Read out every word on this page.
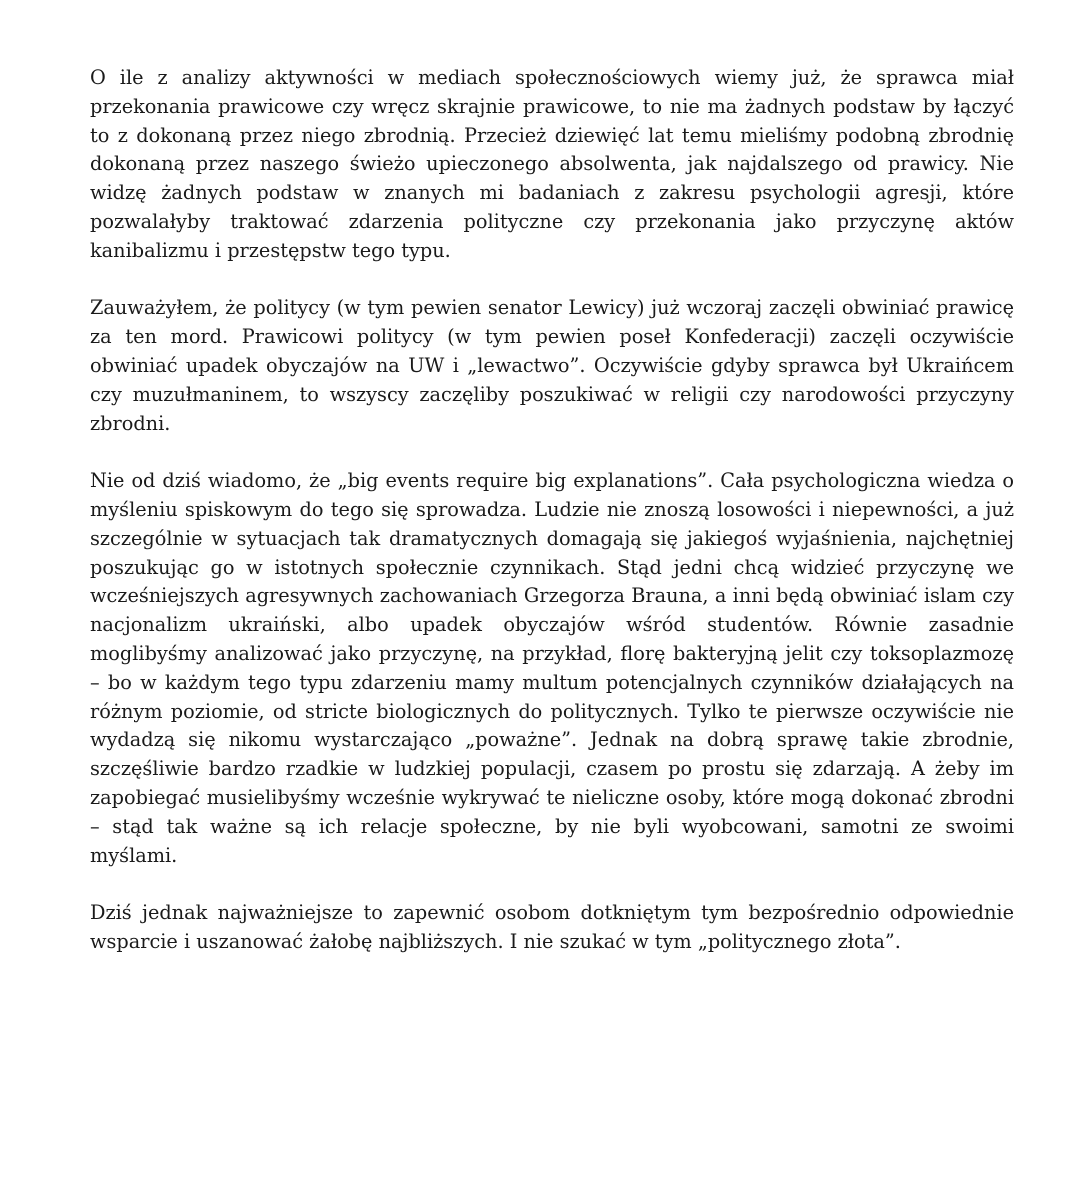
O ile z analizy aktywności w mediach społecznościowych wiemy już, że sprawca miał przekonania prawicowe czy wręcz skrajnie prawicowe, to nie ma żadnych podstaw by łączyć to z dokonaną przez niego zbrodnią. Przecież dziewięć lat temu mieliśmy podobną zbrodnię dokonaną przez naszego świeżo upieczonego absolwenta, jak najdalszego od prawicy. Nie widzę żadnych podstaw w znanych mi badaniach z zakresu psychologii agresji, które pozwalałyby traktować zdarzenia polityczne czy przekonania jako przyczynę aktów kanibalizmu i przestępstw tego typu.

Zauważyłem, że politycy (w tym pewien senator Lewicy) już wczoraj zaczęli obwiniać prawicę za ten mord. Prawicowi politycy (w tym pewien poseł Konfederacji) zaczęli oczywiście obwiniać upadek obyczajów na UW i „lewactwo”. Oczywiście gdyby sprawca był Ukraińcem czy muzułmaninem, to wszyscy zaczęliby poszukiwać w religii czy narodowości przyczyny zbrodni.

Nie od dziś wiadomo, że „big events require big explanations”. Cała psychologiczna wiedza o myśleniu spiskowym do tego się sprowadza. Ludzie nie znoszą losowości i niepewności, a już szczególnie w sytuacjach tak dramatycznych domagają się jakiegoś wyjaśnienia, najchętniej poszukując go w istotnych społecznie czynnikach. Stąd jedni chcą widzieć przyczynę we wcześniejszych agresywnych zachowaniach Grzegorza Brauna, a inni będą obwiniać islam czy nacjonalizm ukraiński, albo upadek obyczajów wśród studentów. Równie zasadnie moglibyśmy analizować jako przyczynę, na przykład, florę bakteryjną jelit czy toksoplazmozę – bo w każdym tego typu zdarzeniu mamy multum potencjalnych czynników działających na różnym poziomie, od stricte biologicznych do politycznych. Tylko te pierwsze oczywiście nie wydadzą się nikomu wystarczająco „poważne”. Jednak na dobrą sprawę takie zbrodnie, szczęśliwie bardzo rzadkie w ludzkiej populacji, czasem po prostu się zdarzają. A żeby im zapobiegać musielibyśmy wcześnie wykrywać te nieliczne osoby, które mogą dokonać zbrodni – stąd tak ważne są ich relacje społeczne, by nie byli wyobcowani, samotni ze swoimi myślami.

Dziś jednak najważniejsze to zapewnić osobom dotkniętym tym bezpośrednio odpowiednie wsparcie i uszanować żałobę najbliższych. I nie szukać w tym „politycznego złota”.
